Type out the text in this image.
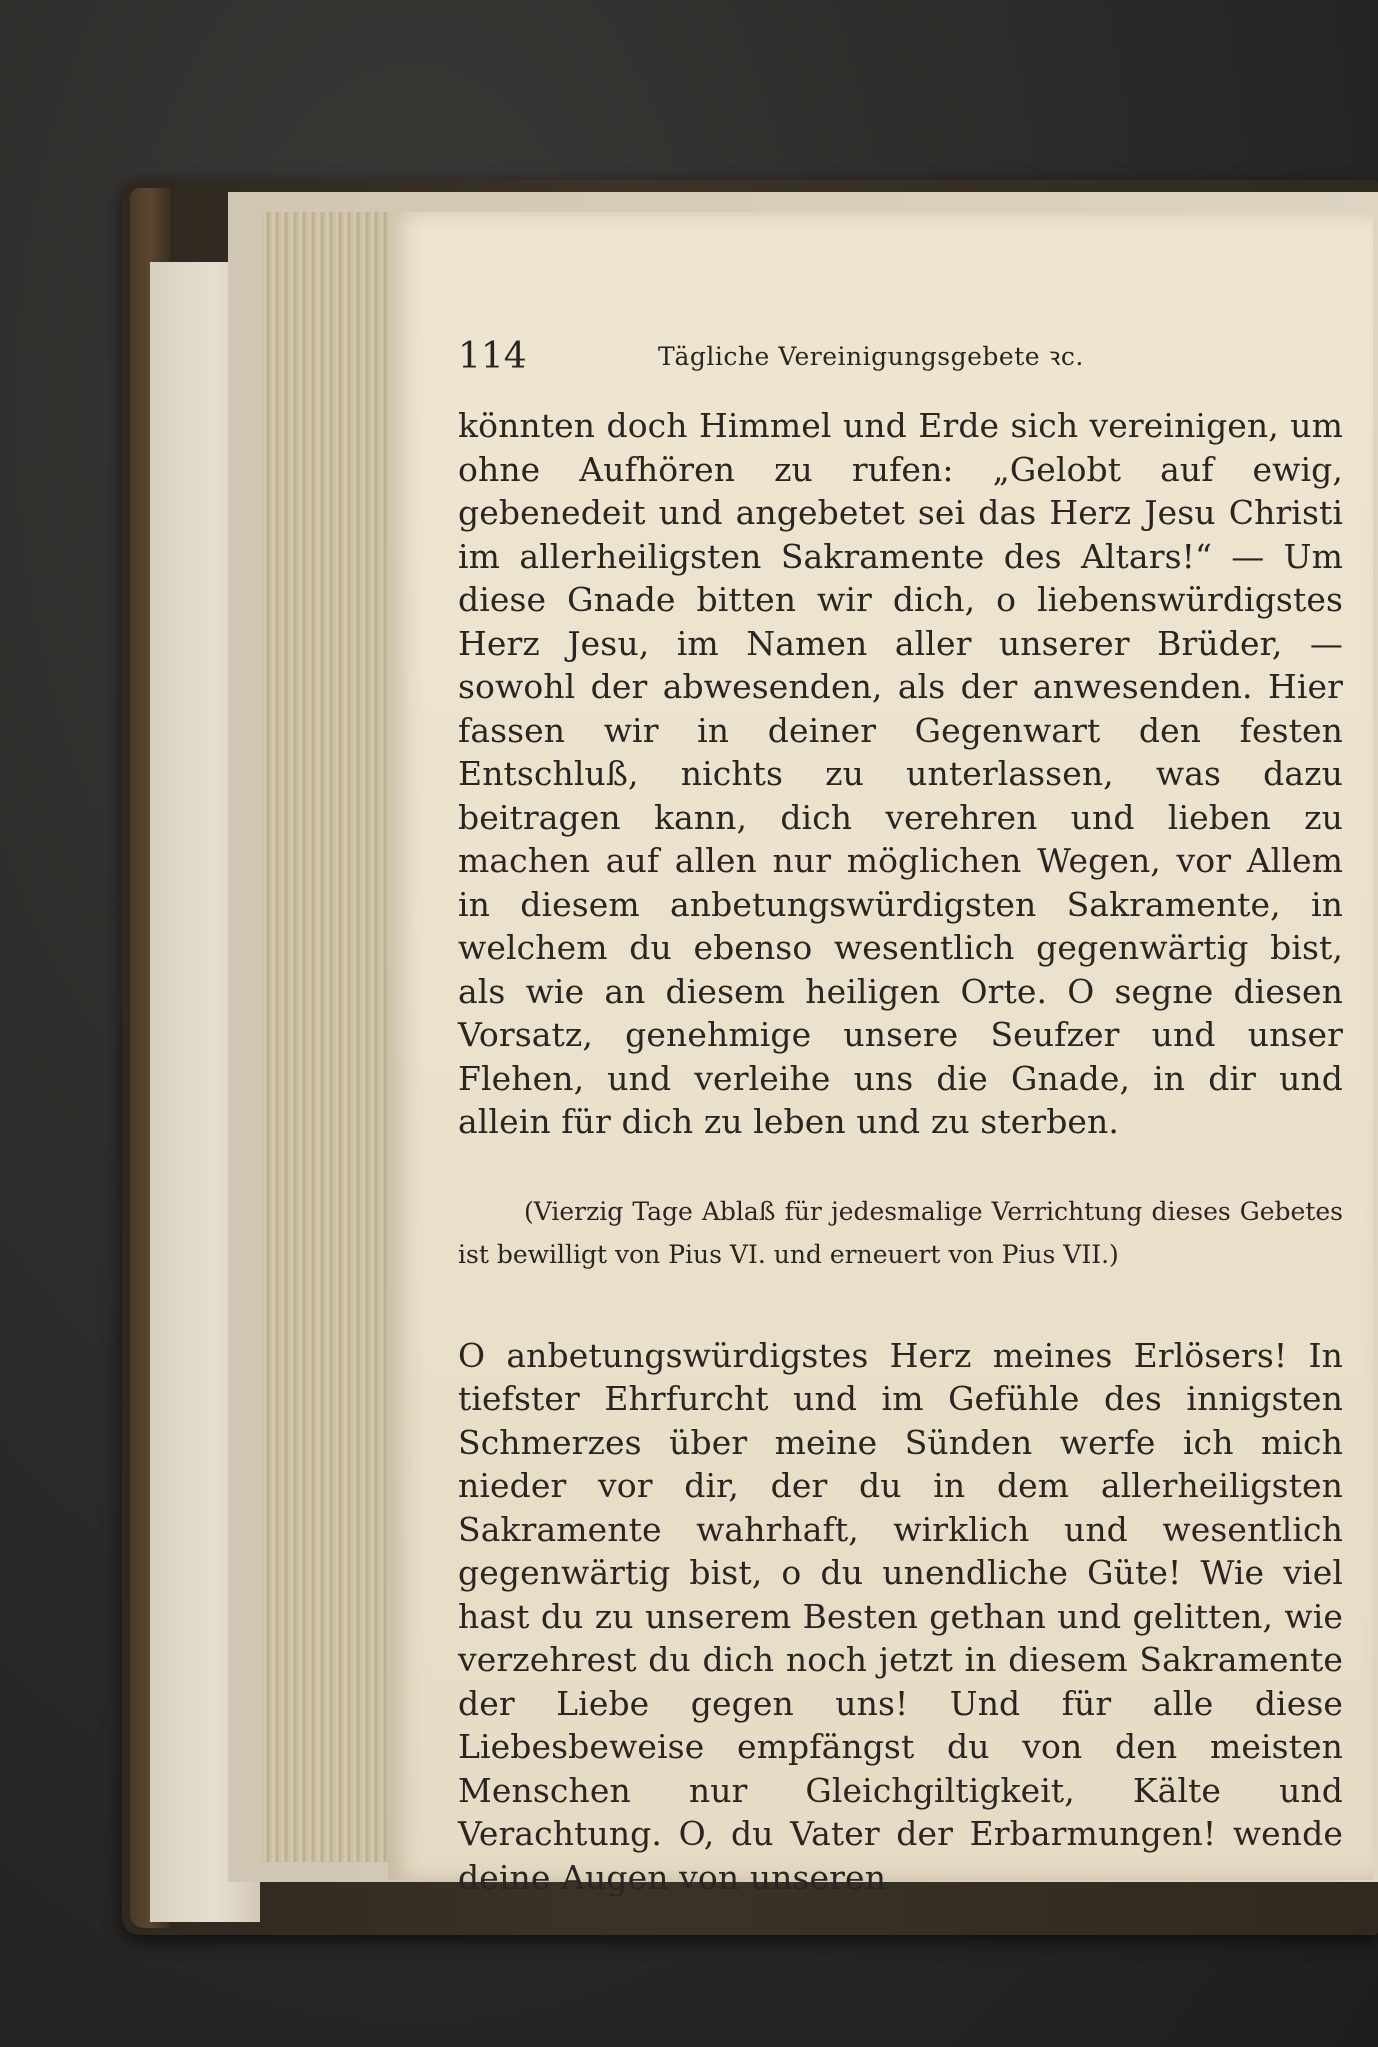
114	Tägliche Vereinigungsgebete ꝛc.

könnten doch Himmel und Erde sich vereinigen, um ohne Aufhören zu rufen: „Gelobt auf ewig, gebenedeit und angebetet sei das Herz Jesu Christi im allerheiligsten Sakramente des Altars!“ — Um diese Gnade bitten wir dich, o liebenswürdigstes Herz Jesu, im Namen aller unserer Brüder, — sowohl der abwesenden, als der anwesenden. Hier fassen wir in deiner Gegenwart den festen Entschluß, nichts zu unterlassen, was dazu beitragen kann, dich verehren und lieben zu machen auf allen nur möglichen Wegen, vor Allem in diesem anbetungswürdigsten Sakramente, in welchem du ebenso wesentlich gegenwärtig bist, als wie an diesem heiligen Orte. O segne diesen Vorsatz, genehmige unsere Seufzer und unser Flehen, und verleihe uns die Gnade, in dir und allein für dich zu leben und zu sterben.

(Vierzig Tage Ablaß für jedesmalige Verrichtung dieses Gebetes ist bewilligt von Pius VI. und erneuert von Pius VII.)

O anbetungswürdigstes Herz meines Erlösers! In tiefster Ehrfurcht und im Gefühle des innigsten Schmerzes über meine Sünden werfe ich mich nieder vor dir, der du in dem allerheiligsten Sakramente wahrhaft, wirklich und wesentlich gegenwärtig bist, o du unendliche Güte! Wie viel hast du zu unserem Besten gethan und gelitten, wie verzehrest du dich noch jetzt in diesem Sakramente der Liebe gegen uns! Und für alle diese Liebesbeweise empfängst du von den meisten Menschen nur Gleichgiltigkeit, Kälte und Verachtung. O, du Vater der Erbarmungen! wende deine Augen von unseren
